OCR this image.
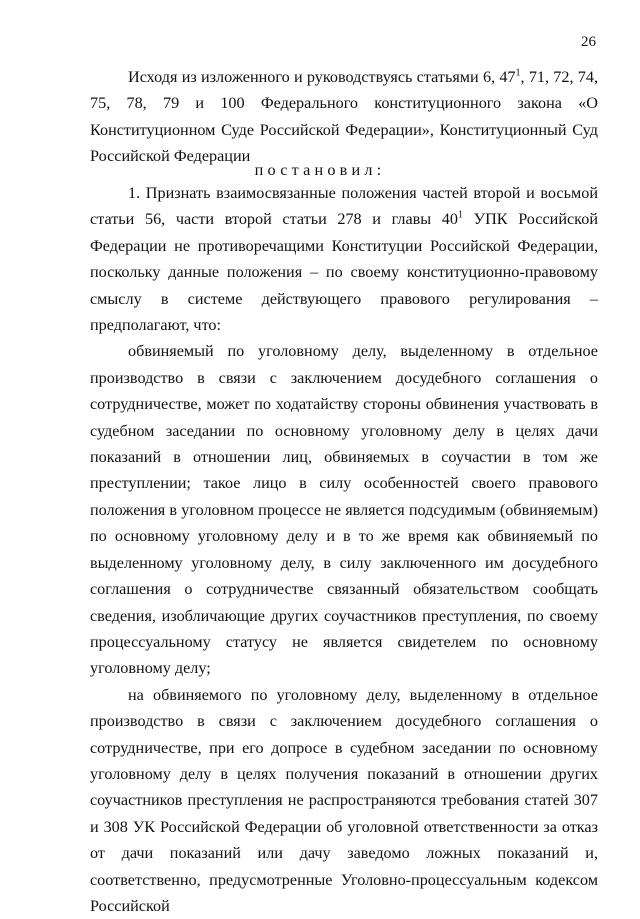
26

Исходя из изложенного и руководствуясь статьями 6, $47^1$, 71, 72, 74, 75, 78, 79 и 100 Федерального конституционного закона «О Конституционном Суде Российской Федерации», Конституционный Суд Российской Федерации

постановил:

1. Признать взаимосвязанные положения частей второй и восьмой статьи 56, части второй статьи 278 и главы $40^1$ УПК Российской Федерации не противоречащими Конституции Российской Федерации, поскольку данные положения – по своему конституционно-правовому смыслу в системе действующего правового регулирования – предполагают, что:

обвиняемый по уголовному делу, выделенному в отдельное производство в связи с заключением досудебного соглашения о сотрудничестве, может по ходатайству стороны обвинения участвовать в судебном заседании по основному уголовному делу в целях дачи показаний в отношении лиц, обвиняемых в соучастии в том же преступлении; такое лицо в силу особенностей своего правового положения в уголовном процессе не является подсудимым (обвиняемым) по основному уголовному делу и в то же время как обвиняемый по выделенному уголовному делу, в силу заключенного им досудебного соглашения о сотрудничестве связанный обязательством сообщать сведения, изобличающие других соучастников преступления, по своему процессуальному статусу не является свидетелем по основному уголовному делу;

на обвиняемого по уголовному делу, выделенному в отдельное производство в связи с заключением досудебного соглашения о сотрудничестве, при его допросе в судебном заседании по основному уголовному делу в целях получения показаний в отношении других соучастников преступления не распространяются требования статей 307 и 308 УК Российской Федерации об уголовной ответственности за отказ от дачи показаний или дачу заведомо ложных показаний и, соответственно, предусмотренные Уголовно-процессуальным кодексом Российской
